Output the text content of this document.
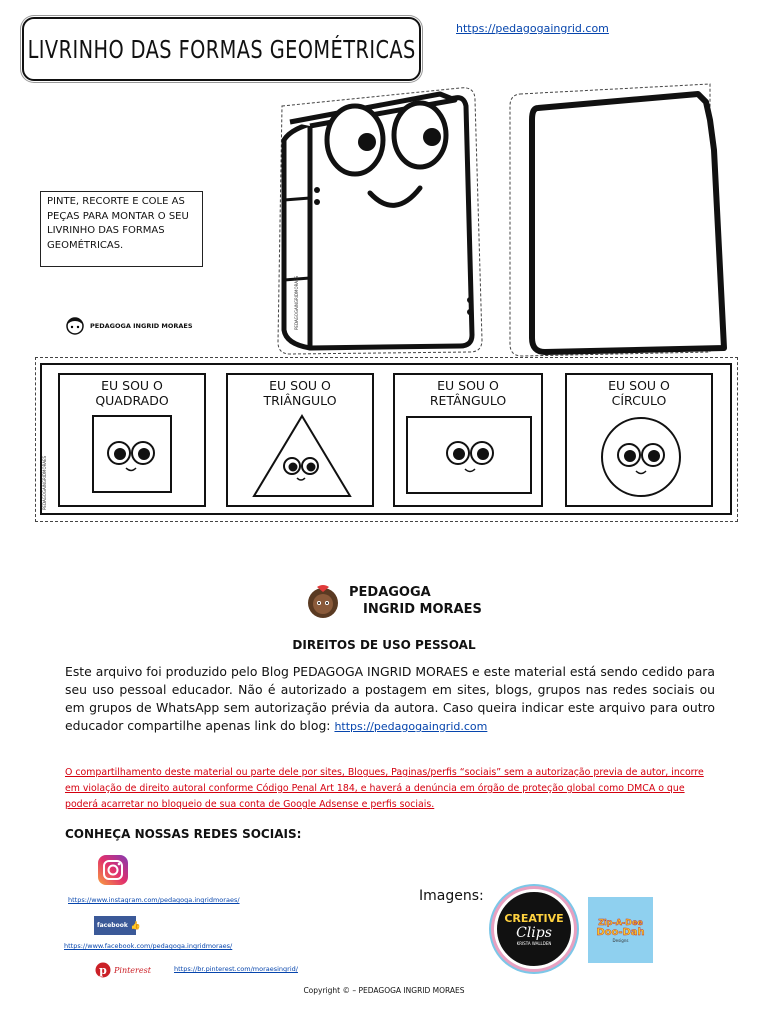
LIVRINHO DAS FORMAS GEOMÉTRICAS
https://pedagogaingrid.com
PINTE, RECORTE E COLE AS PEÇAS PARA MONTAR O SEU LIVRINHO DAS FORMAS GEOMÉTRICAS.
PEDAGOGA INGRID MORAES	PEDAGOGAINGRIDMORAES
PEDAGOGAINGRIDMORAES
EU SOU O
QUADRADO
EU SOU O
TRIÂNGULO
EU SOU O
RETÂNGULO
EU SOU O
CÍRCULO
PEDAGOGA
INGRID MORAES
DIREITOS DE USO PESSOAL
Este arquivo foi produzido pelo Blog PEDAGOGA INGRID MORAES e este material está sendo cedido para seu uso pessoal educador. Não é autorizado a postagem em sites, blogs, grupos nas redes sociais ou em grupos de WhatsApp sem autorização prévia da autora. Caso queira indicar este arquivo para outro educador compartilhe apenas link do blog: https://pedagogaingrid.com
O compartilhamento deste material ou parte dele por sites, Blogues, Paginas/perfis “sociais” sem a autorização previa de autor, incorre em violação de direito autoral conforme Código Penal Art 184, e haverá a denúncia em órgão de proteção global como DMCA o que poderá acarretar no bloqueio de sua conta de Google Adsense e perfis sociais.
CONHEÇA NOSSAS REDES SOCIAIS:
https://www.instagram.com/pedagoga.ingridmoraes/
facebook 👍
https://www.facebook.com/pedagoga.ingridmoraes/
p Pinterest	https://br.pinterest.com/moraesingrid/
Imagens:
CREATIVE
Clips
KRISTA WALLDEN
Zip-A-Dee
Doo-Dah
Designs
Copyright © – PEDAGOGA INGRID MORAES
